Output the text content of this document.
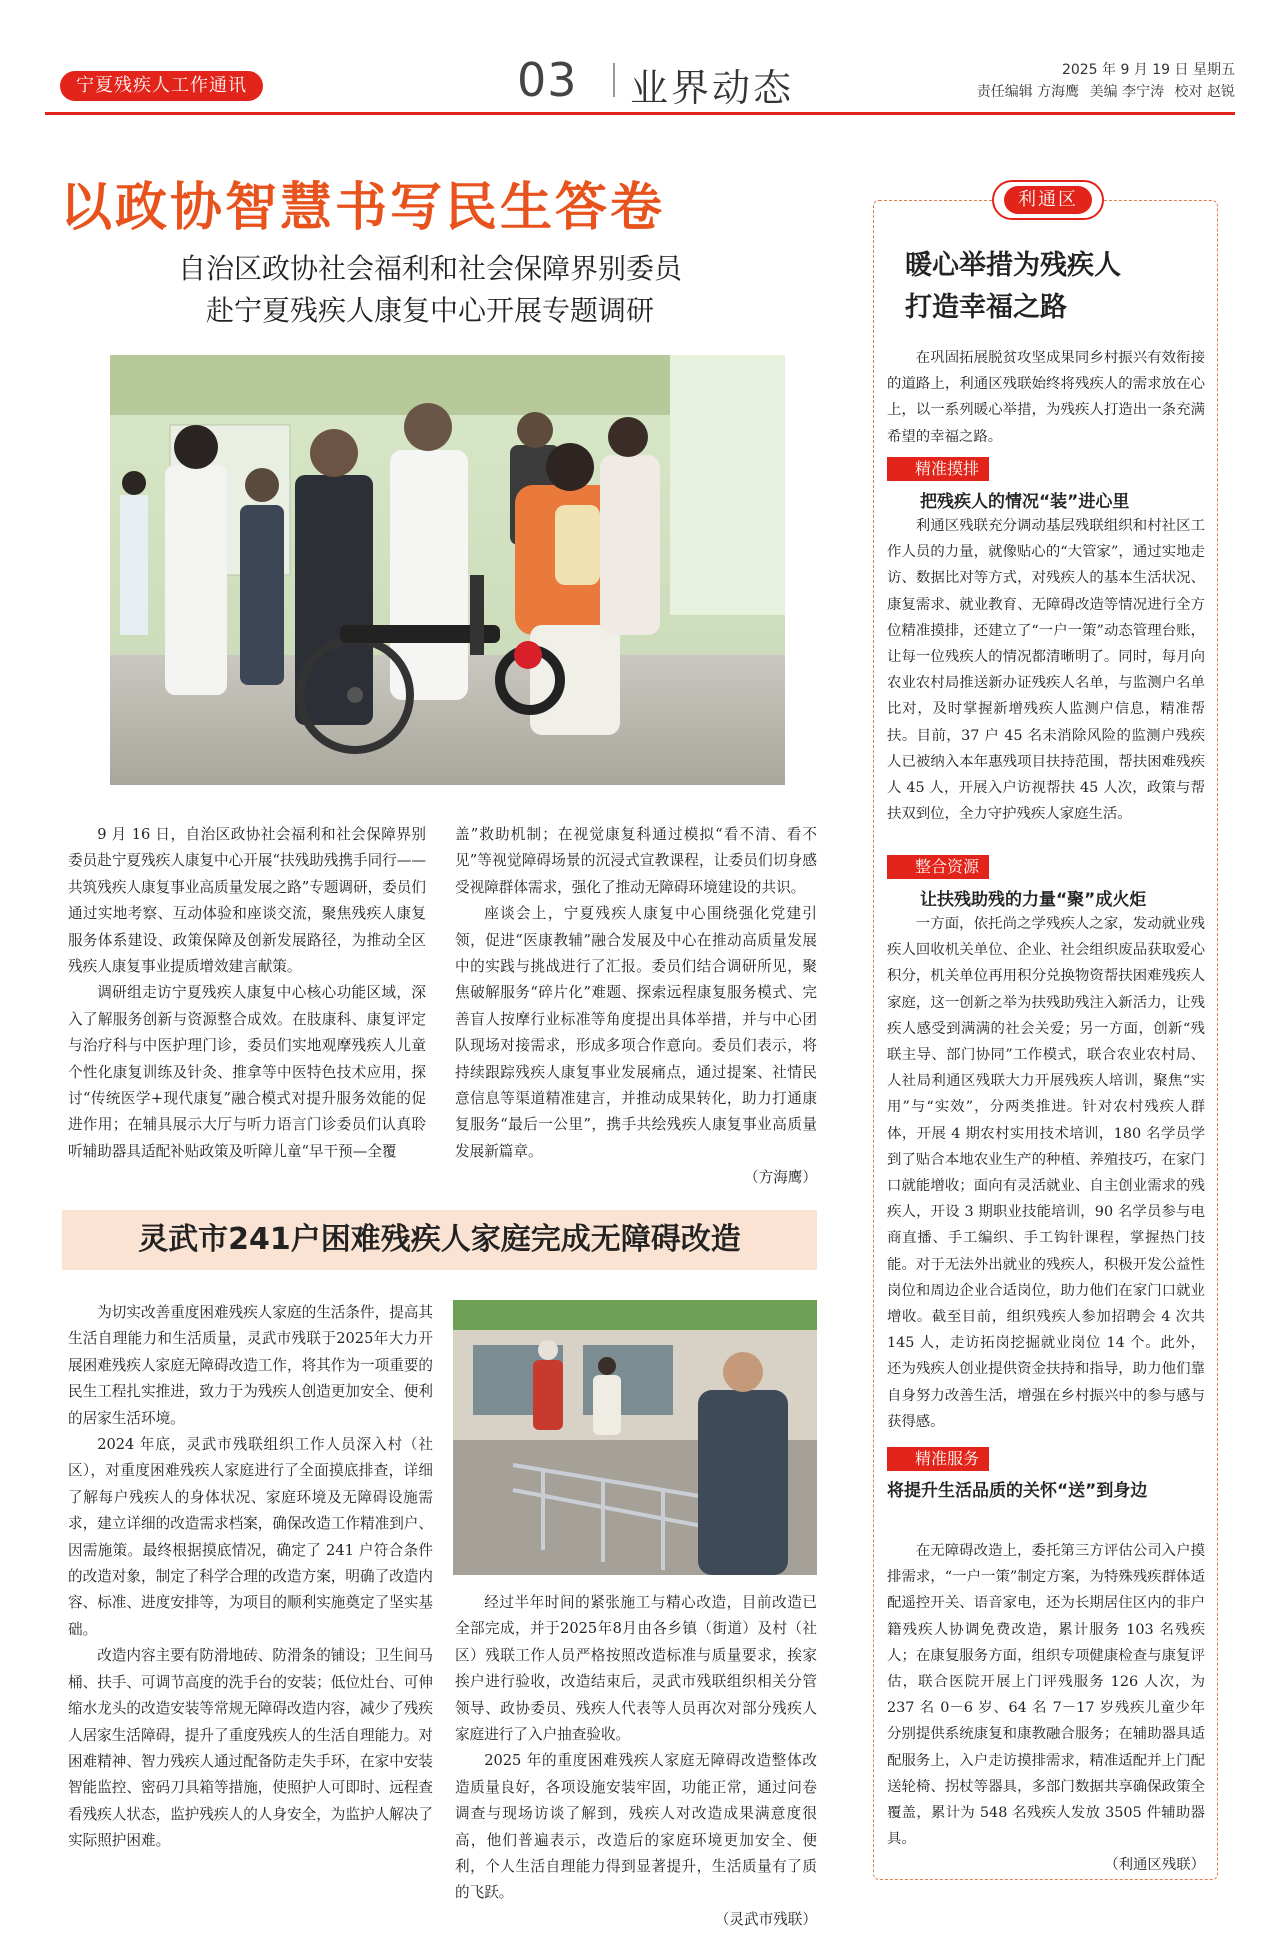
宁夏残疾人工作通讯	03 业界动态	2025 年 9 月 19 日 星期五
责任编辑 方海鹰 美编 李宁涛 校对 赵锐
以政协智慧书写民生答卷
自治区政协社会福利和社会保障界别委员
赴宁夏残疾人康复中心开展专题调研

9 月 16 日，自治区政协社会福利和社会保障界别委员赴宁夏残疾人康复中心开展“扶残助残携手同行——共筑残疾人康复事业高质量发展之路”专题调研，委员们通过实地考察、互动体验和座谈交流，聚焦残疾人康复服务体系建设、政策保障及创新发展路径，为推动全区残疾人康复事业提质增效建言献策。

调研组走访宁夏残疾人康复中心核心功能区域，深入了解服务创新与资源整合成效。在肢康科、康复评定与治疗科与中医护理门诊，委员们实地观摩残疾人儿童个性化康复训练及针灸、推拿等中医特色技术应用，探讨“传统医学+现代康复”融合模式对提升服务效能的促进作用；在辅具展示大厅与听力语言门诊委员们认真聆听辅助器具适配补贴政策及听障儿童“早干预—全覆

盖”救助机制；在视觉康复科通过模拟“看不清、看不见”等视觉障碍场景的沉浸式宣教课程，让委员们切身感受视障群体需求，强化了推动无障碍环境建设的共识。

座谈会上，宁夏残疾人康复中心围绕强化党建引领，促进“医康教辅”融合发展及中心在推动高质量发展中的实践与挑战进行了汇报。委员们结合调研所见，聚焦破解服务“碎片化”难题、探索远程康复服务模式、完善盲人按摩行业标准等角度提出具体举措，并与中心团队现场对接需求，形成多项合作意向。委员们表示，将持续跟踪残疾人康复事业发展痛点，通过提案、社情民意信息等渠道精准建言，并推动成果转化，助力打通康复服务“最后一公里”，携手共绘残疾人康复事业高质量发展新篇章。

（方海鹰）
灵武市241户困难残疾人家庭完成无障碍改造

为切实改善重度困难残疾人家庭的生活条件，提高其生活自理能力和生活质量，灵武市残联于2025年大力开展困难残疾人家庭无障碍改造工作，将其作为一项重要的民生工程扎实推进，致力于为残疾人创造更加安全、便利的居家生活环境。

2024 年底，灵武市残联组织工作人员深入村（社区），对重度困难残疾人家庭进行了全面摸底排查，详细了解每户残疾人的身体状况、家庭环境及无障碍设施需求，建立详细的改造需求档案，确保改造工作精准到户、因需施策。最终根据摸底情况，确定了 241 户符合条件的改造对象，制定了科学合理的改造方案，明确了改造内容、标准、进度安排等，为项目的顺利实施奠定了坚实基础。

改造内容主要有防滑地砖、防滑条的铺设；卫生间马桶、扶手、可调节高度的洗手台的安装；低位灶台、可伸缩水龙头的改造安装等常规无障碍改造内容，减少了残疾人居家生活障碍，提升了重度残疾人的生活自理能力。对困难精神、智力残疾人通过配备防走失手环，在家中安装智能监控、密码刀具箱等措施，使照护人可即时、远程查看残疾人状态，监护残疾人的人身安全，为监护人解决了实际照护困难。

经过半年时间的紧张施工与精心改造，目前改造已全部完成，并于2025年8月由各乡镇（街道）及村（社区）残联工作人员严格按照改造标准与质量要求，挨家挨户进行验收，改造结束后，灵武市残联组织相关分管领导、政协委员、残疾人代表等人员再次对部分残疾人家庭进行了入户抽查验收。

2025 年的重度困难残疾人家庭无障碍改造整体改造质量良好，各项设施安装牢固，功能正常，通过问卷调查与现场访谈了解到，残疾人对改造成果满意度很高，他们普遍表示，改造后的家庭环境更加安全、便利，个人生活自理能力得到显著提升，生活质量有了质的飞跃。

（灵武市残联）
利通区
暖心举措为残疾人
打造幸福之路

在巩固拓展脱贫攻坚成果同乡村振兴有效衔接的道路上，利通区残联始终将残疾人的需求放在心上，以一系列暖心举措，为残疾人打造出一条充满希望的幸福之路。

精准摸排
把残疾人的情况“装”进心里

利通区残联充分调动基层残联组织和村社区工作人员的力量，就像贴心的“大管家”，通过实地走访、数据比对等方式，对残疾人的基本生活状况、康复需求、就业教育、无障碍改造等情况进行全方位精准摸排，还建立了“一户一策”动态管理台账，让每一位残疾人的情况都清晰明了。同时，每月向农业农村局推送新办证残疾人名单，与监测户名单比对，及时掌握新增残疾人监测户信息，精准帮扶。目前，37 户 45 名未消除风险的监测户残疾人已被纳入本年惠残项目扶持范围，帮扶困难残疾人 45 人，开展入户访视帮扶 45 人次，政策与帮扶双到位，全力守护残疾人家庭生活。

整合资源
让扶残助残的力量“聚”成火炬

一方面，依托尚之学残疾人之家，发动就业残疾人回收机关单位、企业、社会组织废品获取爱心积分，机关单位再用积分兑换物资帮扶困难残疾人家庭，这一创新之举为扶残助残注入新活力，让残疾人感受到满满的社会关爱；另一方面，创新“残联主导、部门协同”工作模式，联合农业农村局、人社局利通区残联大力开展残疾人培训，聚焦“实用”与“实效”，分两类推进。针对农村残疾人群体，开展 4 期农村实用技术培训，180 名学员学到了贴合本地农业生产的种植、养殖技巧，在家门口就能增收；面向有灵活就业、自主创业需求的残疾人，开设 3 期职业技能培训，90 名学员参与电商直播、手工编织、手工钩针课程，掌握热门技能。对于无法外出就业的残疾人，积极开发公益性岗位和周边企业合适岗位，助力他们在家门口就业增收。截至目前，组织残疾人参加招聘会 4 次共 145 人，走访拓岗挖掘就业岗位 14 个。此外，还为残疾人创业提供资金扶持和指导，助力他们靠自身努力改善生活，增强在乡村振兴中的参与感与获得感。

精准服务
将提升生活品质的关怀“送”到身边

在无障碍改造上，委托第三方评估公司入户摸排需求，“一户一策”制定方案，为特殊残疾群体适配遥控开关、语音家电，还为长期居住区内的非户籍残疾人协调免费改造，累计服务 103 名残疾人；在康复服务方面，组织专项健康检查与康复评估，联合医院开展上门评残服务 126 人次，为 237 名 0－6 岁、64 名 7－17 岁残疾儿童少年分别提供系统康复和康教融合服务；在辅助器具适配服务上，入户走访摸排需求，精准适配并上门配送轮椅、拐杖等器具，多部门数据共享确保政策全覆盖，累计为 548 名残疾人发放 3505 件辅助器具。

（利通区残联）
